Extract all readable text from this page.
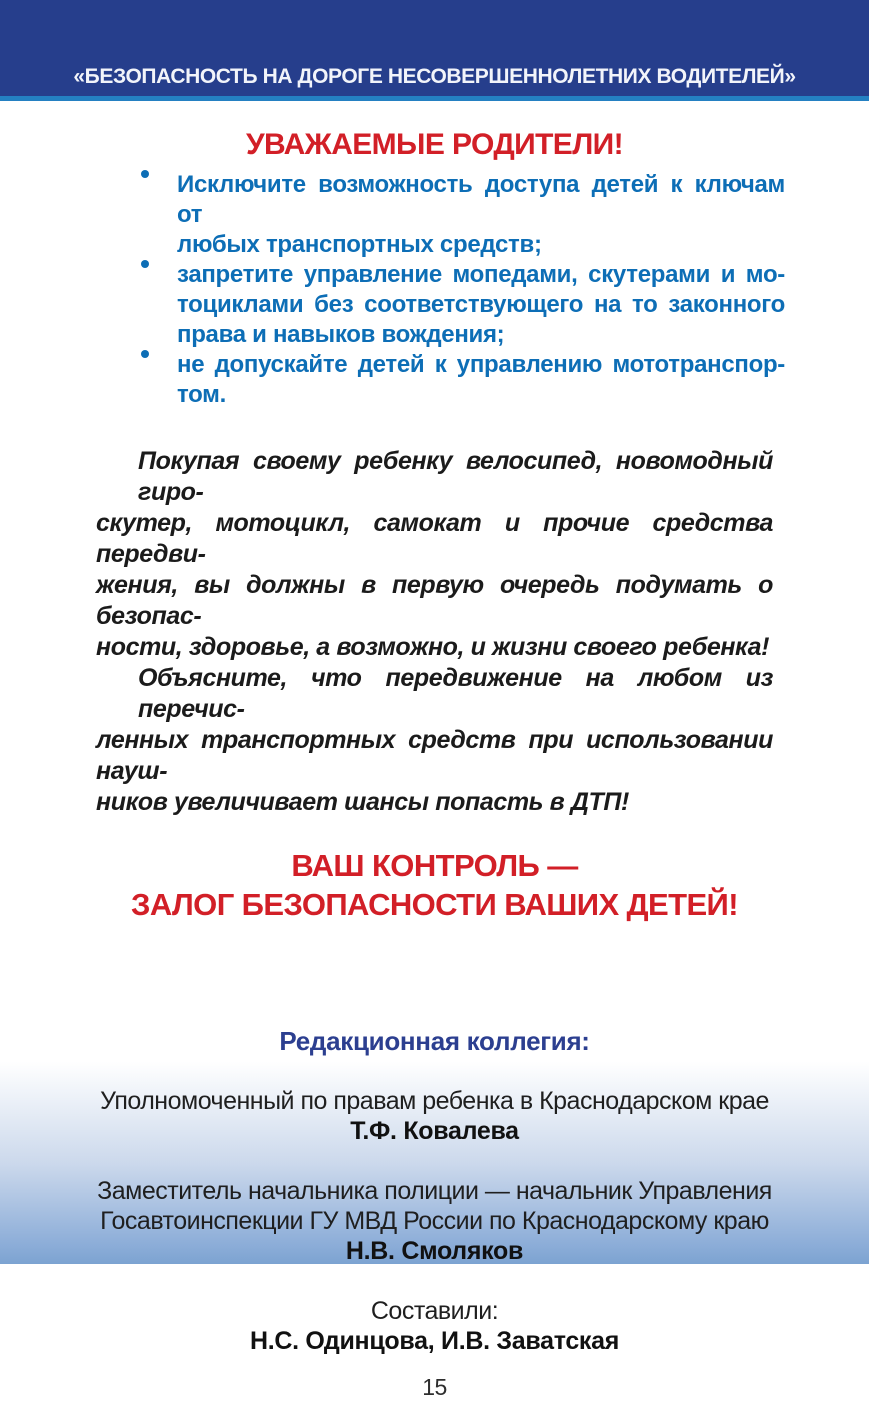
«БЕЗОПАСНОСТЬ НА ДОРОГЕ НЕСОВЕРШЕННОЛЕТНИХ ВОДИТЕЛЕЙ»
УВАЖАЕМЫЕ РОДИТЕЛИ!
Исключите возможность доступа детей к ключам от
любых транспортных средств;
запретите управление мопедами, скутерами и мо-
тоциклами без соответствующего на то законного
права и навыков вождения;
не допускайте детей к управлению мототранспор-
том.
Покупая своему ребенку велосипед, новомодный гиро-
скутер, мотоцикл, самокат и прочие средства передви-
жения, вы должны в первую очередь подумать о безопас-
ности, здоровье, а возможно, и жизни своего ребенка!
Объясните, что передвижение на любом из перечис-
ленных транспортных средств при использовании науш-
ников увеличивает шансы попасть в ДТП!
ВАШ КОНТРОЛЬ —
ЗАЛОГ БЕЗОПАСНОСТИ ВАШИХ ДЕТЕЙ!
Редакционная коллегия:
Уполномоченный по правам ребенка в Краснодарском крае
Т.Ф. Ковалева
Заместитель начальника полиции — начальник Управления
Госавтоинспекции ГУ МВД России по Краснодарскому краю
Н.В. Смоляков
Составили:
Н.С. Одинцова, И.В. Заватская
15
